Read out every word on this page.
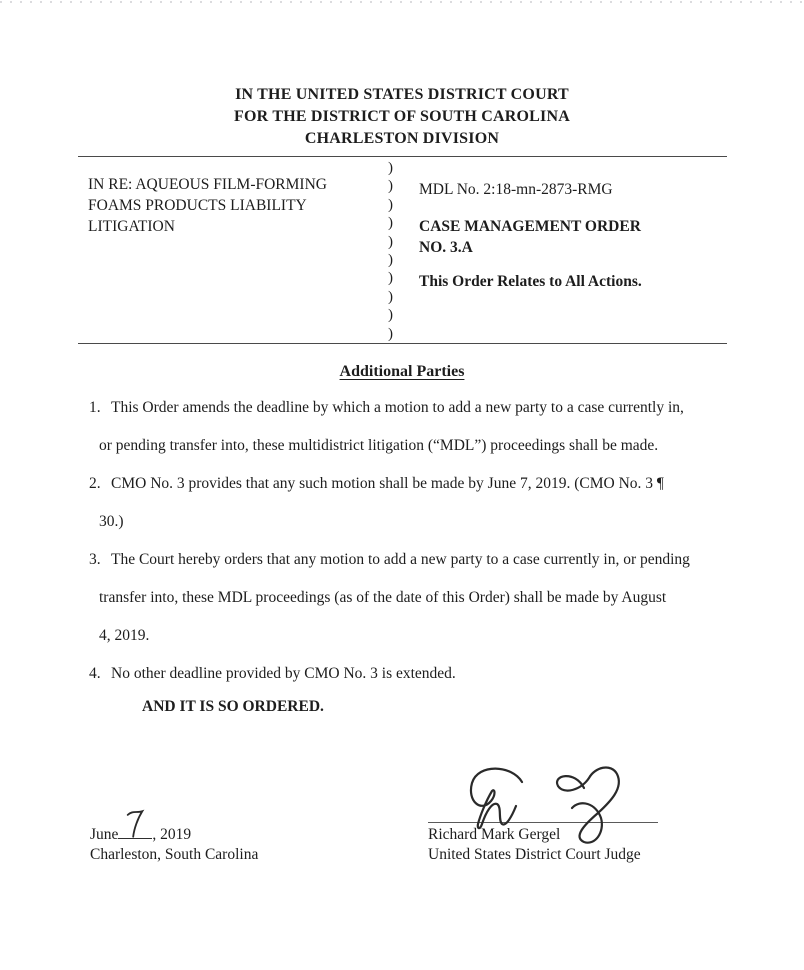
IN THE UNITED STATES DISTRICT COURT
FOR THE DISTRICT OF SOUTH CAROLINA
CHARLESTON DIVISION
IN RE: AQUEOUS FILM-FORMING
FOAMS PRODUCTS LIABILITY
LITIGATION
)
)
)
)
)
)
)
)
)
)
MDL No. 2:18-mn-2873-RMG
CASE MANAGEMENT ORDER
NO. 3.A
This Order Relates to All Actions.
Additional Parties
1. This Order amends the deadline by which a motion to add a new party to a case currently in,
or pending transfer into, these multidistrict litigation (“MDL”) proceedings shall be made.
2. CMO No. 3 provides that any such motion shall be made by June 7, 2019. (CMO No. 3 ¶
30.)
3. The Court hereby orders that any motion to add a new party to a case currently in, or pending
transfer into, these MDL proceedings (as of the date of this Order) shall be made by August
4, 2019.
4. No other deadline provided by CMO No. 3 is extended.
AND IT IS SO ORDERED.
June , 2019
Charleston, South Carolina
Richard Mark Gergel
United States District Court Judge
